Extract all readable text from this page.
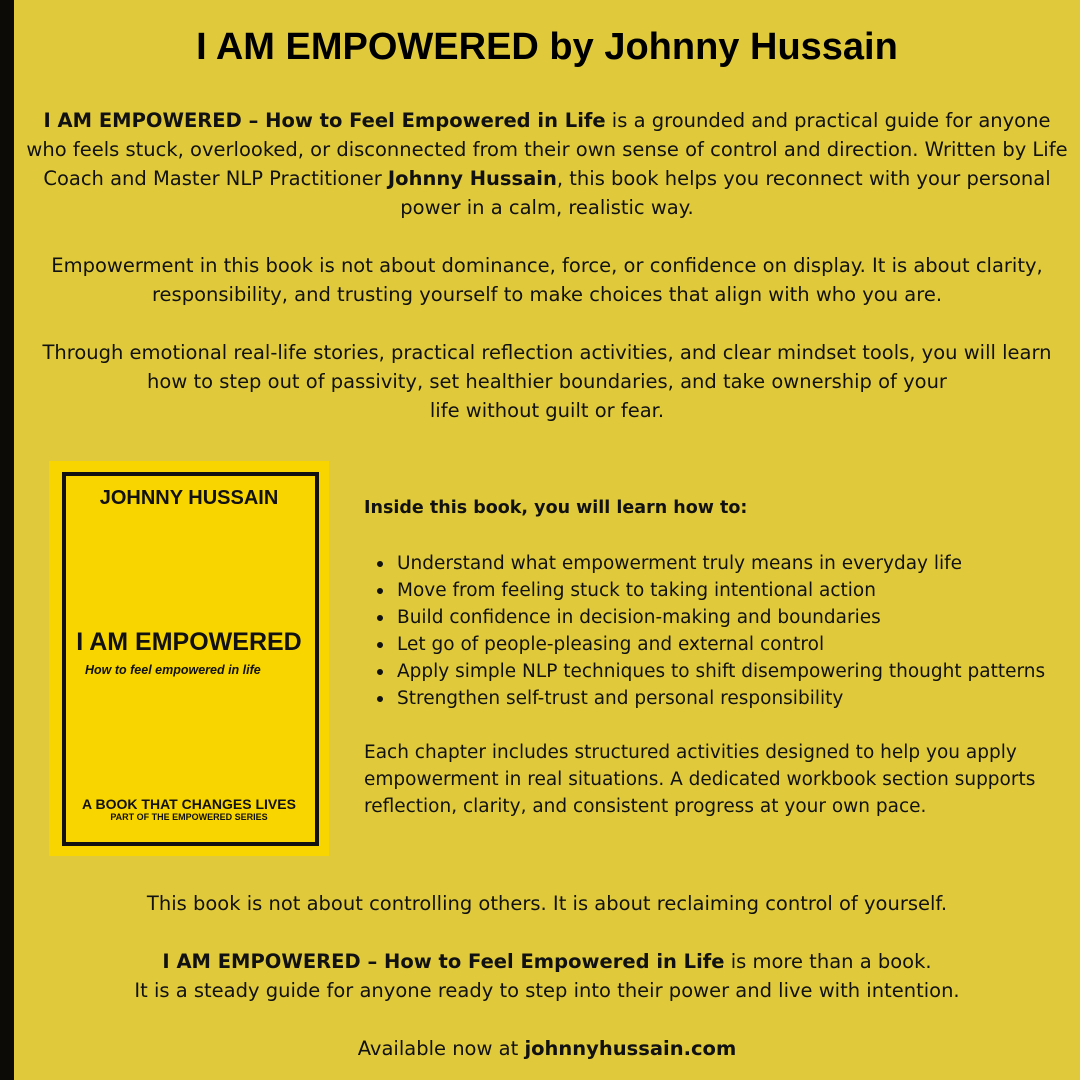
I AM EMPOWERED by Johnny Hussain

I AM EMPOWERED – How to Feel Empowered in Life is a grounded and practical guide for anyone who feels stuck, overlooked, or disconnected from their own sense of control and direction. Written by Life Coach and Master NLP Practitioner Johnny Hussain, this book helps you reconnect with your personal power in a calm, realistic way.

Empowerment in this book is not about dominance, force, or confidence on display. It is about clarity, responsibility, and trusting yourself to make choices that align with who you are.

Through emotional real-life stories, practical reflection activities, and clear mindset tools, you will learn how to step out of passivity, set healthier boundaries, and take ownership of your
life without guilt or fear.

Inside this book, you will learn how to:
Understand what empowerment truly means in everyday life
Move from feeling stuck to taking intentional action
Build confidence in decision-making and boundaries
Let go of people-pleasing and external control
Apply simple NLP techniques to shift disempowering thought patterns
Strengthen self-trust and personal responsibility

Each chapter includes structured activities designed to help you apply empowerment in real situations. A dedicated workbook section supports reflection, clarity, and consistent progress at your own pace.

This book is not about controlling others. It is about reclaiming control of yourself.

I AM EMPOWERED – How to Feel Empowered in Life is more than a book.
It is a steady guide for anyone ready to step into their power and live with intention.

Available now at johnnyhussain.com

JOHNNY HUSSAIN
I AM EMPOWERED
How to feel empowered in life
A BOOK THAT CHANGES LIVES
PART OF THE EMPOWERED SERIES
